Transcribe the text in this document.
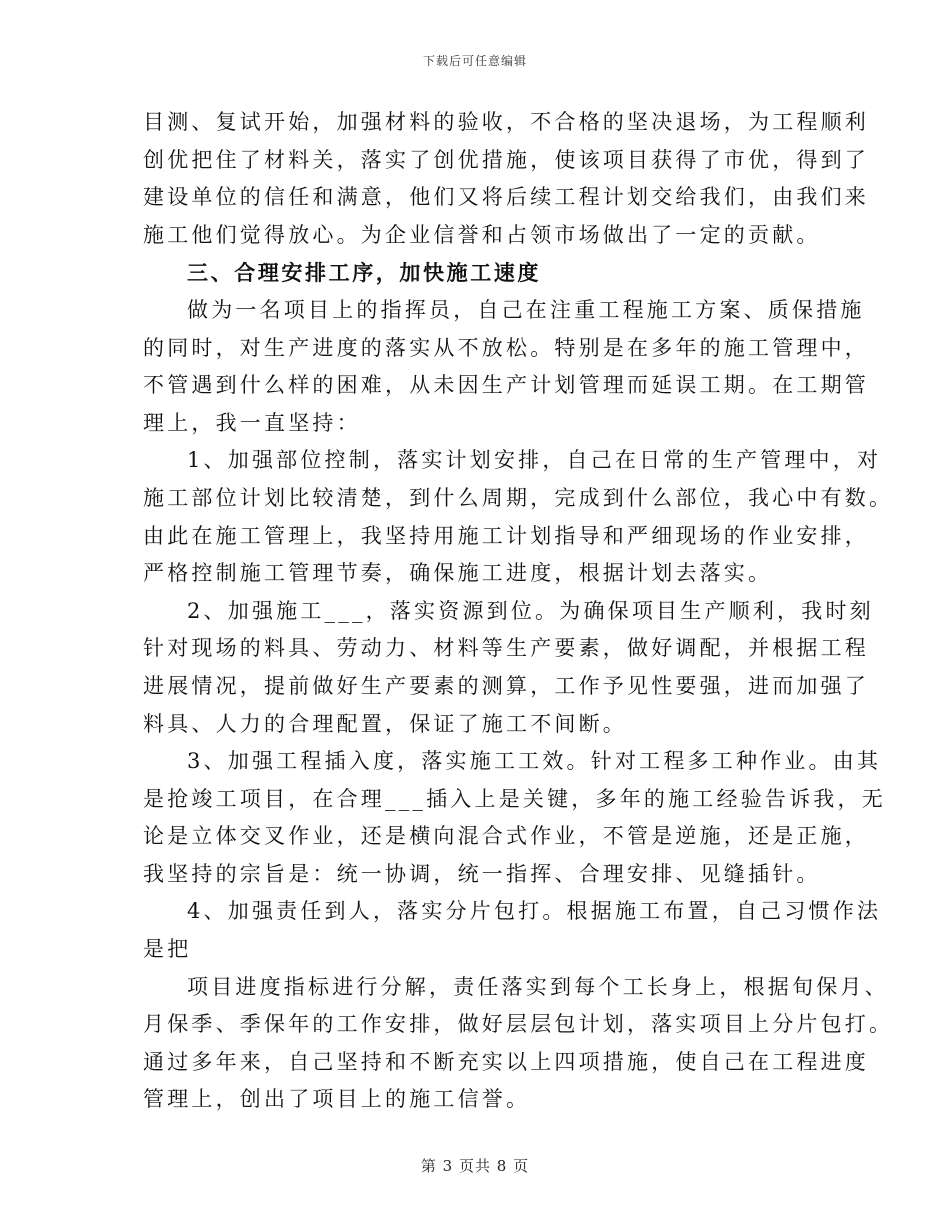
下载后可任意编辑
目测、复试开始，加强材料的验收，不合格的坚决退场，为工程顺利
创优把住了材料关，落实了创优措施，使该项目获得了市优，得到了
建设单位的信任和满意，他们又将后续工程计划交给我们，由我们来
施工他们觉得放心。为企业信誉和占领市场做出了一定的贡献。
三、合理安排工序，加快施工速度
做为一名项目上的指挥员，自己在注重工程施工方案、质保措施
的同时，对生产进度的落实从不放松。特别是在多年的施工管理中，
不管遇到什么样的困难，从未因生产计划管理而延误工期。在工期管
理上，我一直坚持：
1、加强部位控制，落实计划安排，自己在日常的生产管理中，对
施工部位计划比较清楚，到什么周期，完成到什么部位，我心中有数。
由此在施工管理上，我坚持用施工计划指导和严细现场的作业安排，
严格控制施工管理节奏，确保施工进度，根据计划去落实。
2、加强施工___，落实资源到位。为确保项目生产顺利，我时刻
针对现场的料具、劳动力、材料等生产要素，做好调配，并根据工程
进展情况，提前做好生产要素的测算，工作予见性要强，进而加强了
料具、人力的合理配置，保证了施工不间断。
3、加强工程插入度，落实施工工效。针对工程多工种作业。由其
是抢竣工项目，在合理___插入上是关键，多年的施工经验告诉我，无
论是立体交叉作业，还是横向混合式作业，不管是逆施，还是正施，
我坚持的宗旨是：统一协调，统一指挥、合理安排、见缝插针。
4、加强责任到人，落实分片包打。根据施工布置，自己习惯作法
是把
项目进度指标进行分解，责任落实到每个工长身上，根据旬保月、
月保季、季保年的工作安排，做好层层包计划，落实项目上分片包打。
通过多年来，自己坚持和不断充实以上四项措施，使自己在工程进度
管理上，创出了项目上的施工信誉。
第 3 页共 8 页
